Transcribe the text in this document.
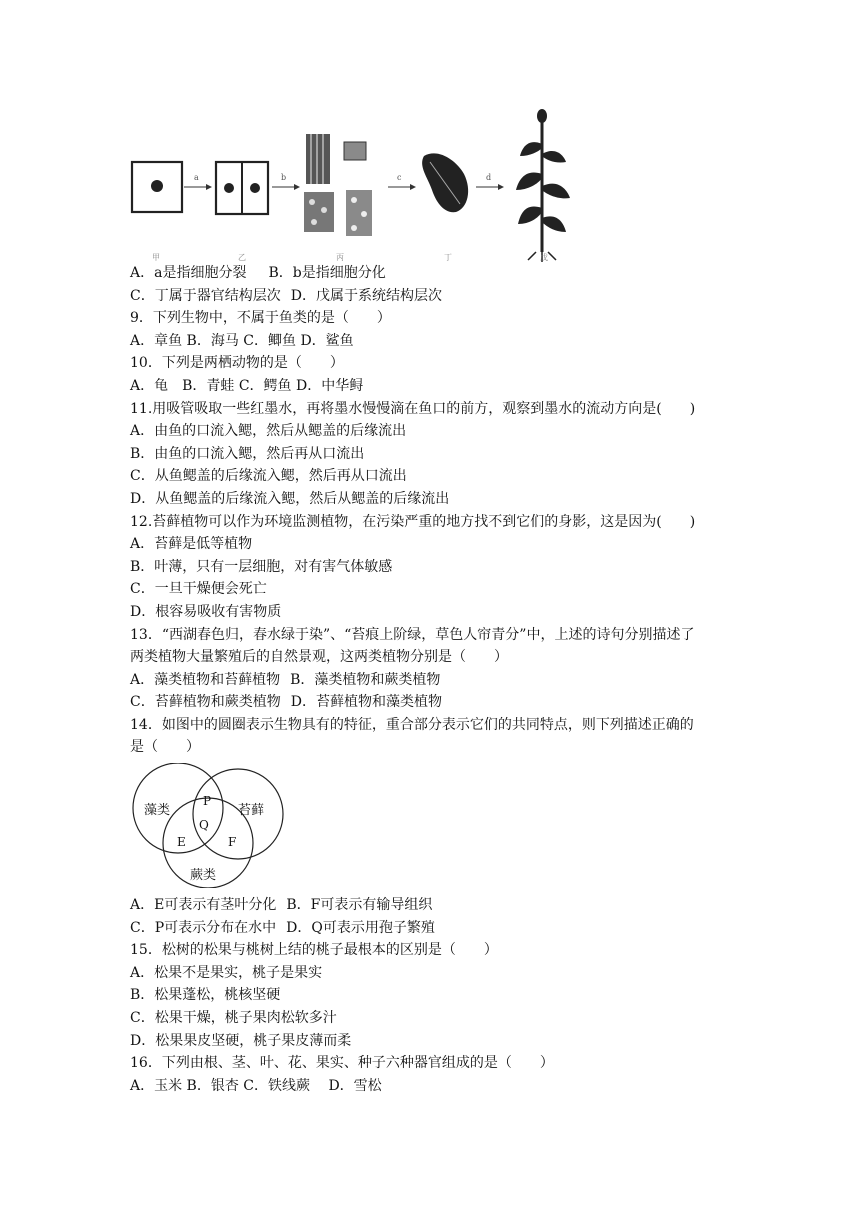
a	b	c	d
甲	乙	丙	丁	戊
A．a是指细胞分裂 B．b是指细胞分化
C．丁属于器官结构层次 D．戊属于系统结构层次
9．下列生物中，不属于鱼类的是（　　）
A．章鱼 B．海马 C．鲫鱼 D．鲨鱼
10．下列是两栖动物的是（　　）
A．龟　B．青蛙 C．鳄鱼 D．中华鲟
11.用吸管吸取一些红墨水，再将墨水慢慢滴在鱼口的前方，观察到墨水的流动方向是(　　)
A．由鱼的口流入鳃，然后从鳃盖的后缘流出
B．由鱼的口流入鳃，然后再从口流出
C．从鱼鳃盖的后缘流入鳃，然后再从口流出
D．从鱼鳃盖的后缘流入鳃，然后从鳃盖的后缘流出
12.苔藓植物可以作为环境监测植物，在污染严重的地方找不到它们的身影，这是因为(　　)
A．苔藓是低等植物
B．叶薄，只有一层细胞，对有害气体敏感
C．一旦干燥便会死亡
D．根容易吸收有害物质
13．“西湖春色归，春水绿于染”、“苔痕上阶绿，草色人帘青分”中，上述的诗句分别描述了
两类植物大量繁殖后的自然景观，这两类植物分别是（　　）
A．藻类植物和苔藓植物 B．藻类植物和蕨类植物
C．苔藓植物和蕨类植物 D．苔藓植物和藻类植物
14．如图中的圆圈表示生物具有的特征，重合部分表示它们的共同特点，则下列描述正确的
是（　　）
藻类	苔藓
蕨类
P
Q
E	F
A．E可表示有茎叶分化 B．F可表示有输导组织
C．P可表示分布在水中 D．Q可表示用孢子繁殖
15．松树的松果与桃树上结的桃子最根本的区别是（　　）
A．松果不是果实，桃子是果实
B．松果蓬松，桃核坚硬
C．松果干燥，桃子果肉松软多汁
D．松果果皮坚硬，桃子果皮薄而柔
16．下列由根、茎、叶、花、果实、种子六种器官组成的是（　　）
A．玉米 B．银杏 C．铁线蕨　 D．雪松
